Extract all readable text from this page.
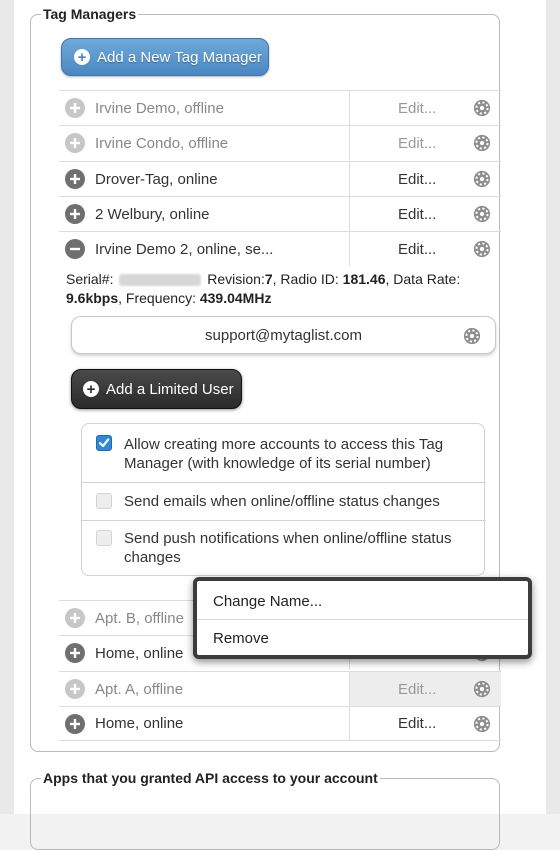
Tag Managers
+ Add a New Tag Manager
Irvine Demo, offline	Edit...
Irvine Condo, offline	Edit...
Drover-Tag, online	Edit...
2 Welbury, online	Edit...
Irvine Demo 2, online, se...	Edit...
Apt. B, offline
Home, online
Apt. A, offline	Edit...
Home, online	Edit...
Serial#:	Revision:7, Radio ID: 181.46, Data Rate: 9.6kbps, Frequency: 439.04MHz
support@mytaglist.com
+ Add a Limited User
Allow creating more accounts to access this Tag Manager (with knowledge of its serial number)
Send emails when online/offline status changes
Send push notifications when online/offline status changes
Apps that you granted API access to your account
Change Name...
Remove
